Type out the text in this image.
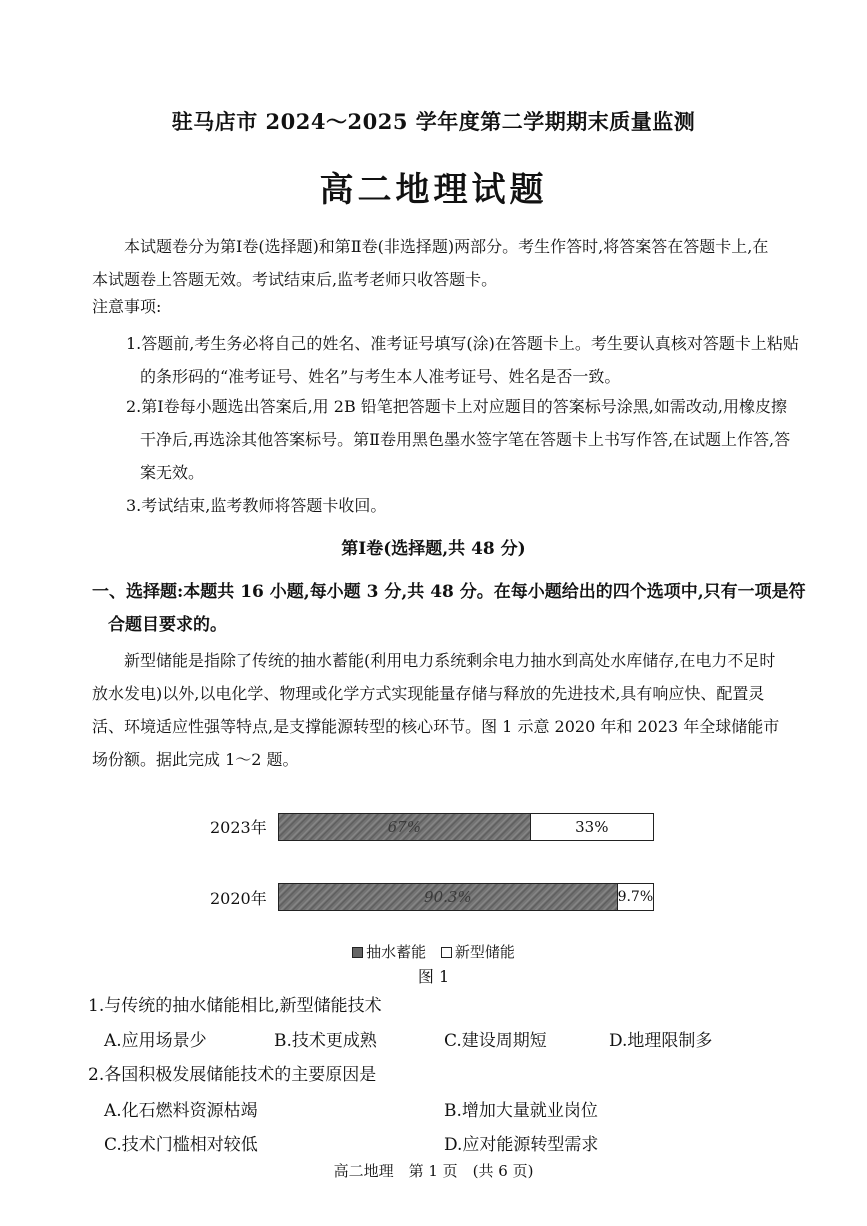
驻马店市 2024～2025 学年度第二学期期末质量监测
高二地理试题

本试题卷分为第Ⅰ卷(选择题)和第Ⅱ卷(非选择题)两部分。考生作答时,将答案答在答题卡上,在本试题卷上答题无效。考试结束后,监考老师只收答题卡。

注意事项:

1.答题前,考生务必将自己的姓名、准考证号填写(涂)在答题卡上。考生要认真核对答题卡上粘贴的条形码的“准考证号、姓名”与考生本人准考证号、姓名是否一致。

2.第Ⅰ卷每小题选出答案后,用 2B 铅笔把答题卡上对应题目的答案标号涂黑,如需改动,用橡皮擦干净后,再选涂其他答案标号。第Ⅱ卷用黑色墨水签字笔在答题卡上书写作答,在试题上作答,答案无效。

3.考试结束,监考教师将答题卡收回。

第Ⅰ卷(选择题,共 48 分)

一、选择题:本题共 16 小题,每小题 3 分,共 48 分。在每小题给出的四个选项中,只有一项是符合题目要求的。

新型储能是指除了传统的抽水蓄能(利用电力系统剩余电力抽水到高处水库储存,在电力不足时放水发电)以外,以电化学、物理或化学方式实现能量存储与释放的先进技术,具有响应快、配置灵活、环境适应性强等特点,是支撑能源转型的核心环节。图 1 示意 2020 年和 2023 年全球储能市场份额。据此完成 1～2 题。

2023年	67%	33%
2020年	90.3%	9.7%
抽水蓄能 新型储能
图 1
1.与传统的抽水储能相比,新型储能技术
A.应用场景少	B.技术更成熟	C.建设周期短	D.地理限制多
2.各国积极发展储能技术的主要原因是
A.化石燃料资源枯竭	B.增加大量就业岗位
C.技术门槛相对较低	D.应对能源转型需求
高二地理　第 1 页　(共 6 页)
